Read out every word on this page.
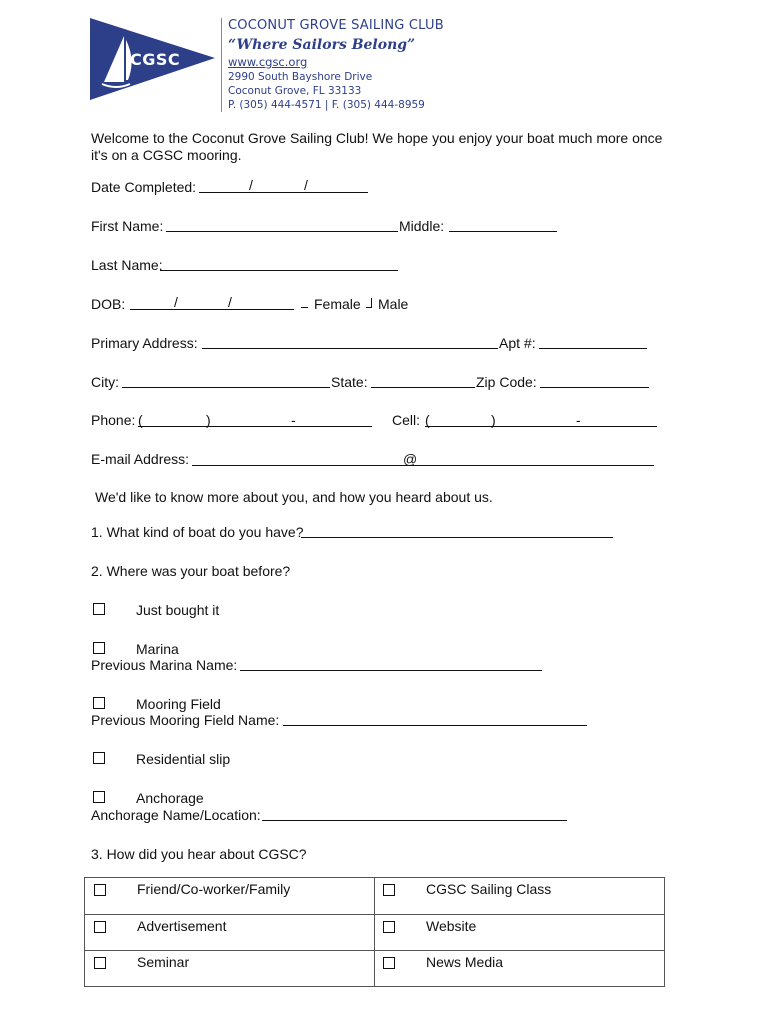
CGSC
COCONUT GROVE SAILING CLUB
“Where Sailors Belong”
www.cgsc.org
2990 South Bayshore Drive
Coconut Grove, FL 33133
P. (305) 444-4571 | F. (305) 444-8959
Welcome to the Coconut Grove Sailing Club! We hope you enjoy your boat much more once
it's on a CGSC mooring.
Date Completed:	/	/
First Name:	Middle:
Last Name:
DOB:	/	/	Female Male
Primary Address:	Apt #:
City:	State:	Zip Code:
Phone: (	)	-	Cell: (	)	-
E-mail Address:	@
We'd like to know more about you, and how you heard about us.
1. What kind of boat do you have?
2. Where was your boat before?
Just bought it
Marina
Previous Marina Name:
Mooring Field
Previous Mooring Field Name:
Residential slip
Anchorage
Anchorage Name/Location:
3. How did you hear about CGSC?
Friend/Co-worker/Family	CGSC Sailing Class
Advertisement	Website
Seminar	News Media
